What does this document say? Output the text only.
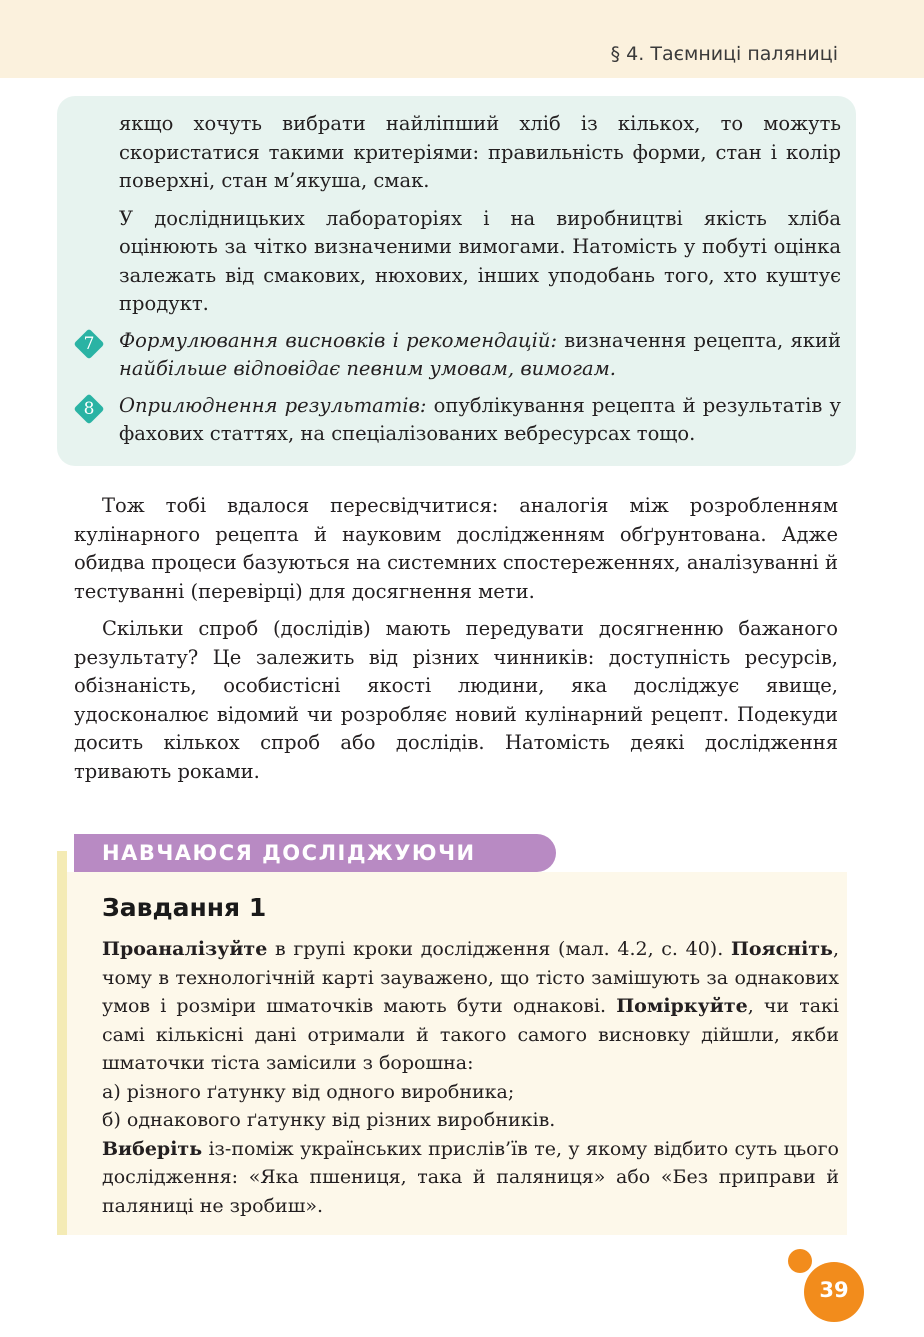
§ 4. Таємниці паляниці

якщо хочуть вибрати найліпший хліб із кількох, то можуть скористатися такими критеріями: правильність форми, стан і колір поверхні, стан м’якуша, смак.

У дослідницьких лабораторіях і на виробництві якість хліба оцінюють за чітко визначеними вимогами. Натомість у побуті оцінка залежать від смакових, нюхових, інших уподобань того, хто куштує продукт.

7	Формулювання висновків і рекомендацій: визначення рецепта, який найбільше відповідає певним умовам, вимогам.

8	Оприлюднення результатів: опублікування рецепта й результатів у фахових статтях, на спеціалізованих вебресурсах тощо.

Тож тобі вдалося пересвідчитися: аналогія між розробленням кулінарного рецепта й науковим дослідженням обґрунтована. Адже обидва процеси базуються на системних спостереженнях, аналізуванні й тестуванні (перевірці) для досягнення мети.

Скільки спроб (дослідів) мають передувати досягненню бажаного результату? Це залежить від різних чинників: доступність ресурсів, обізнаність, особистісні якості людини, яка досліджує явище, удосконалює відомий чи розробляє новий кулінарний рецепт. Подекуди досить кількох спроб або дослідів. Натомість деякі дослідження тривають роками.

НАВЧАЮСЯ ДОСЛІДЖУЮЧИ
Завдання 1

Проаналізуйте в групі кроки дослідження (мал. 4.2, с. 40). Поясніть, чому в технологічній карті зауважено, що тісто замішують за однакових умов і розміри шматочків мають бути однакові. Поміркуйте, чи такі самі кількісні дані отримали й такого самого висновку дійшли, якби шматочки тіста замісили з борошна:

а) різного ґатунку від одного виробника;

б) однакового ґатунку від різних виробників.

Виберіть із-поміж українських прислів’їв те, у якому відбито суть цього дослідження: «Яка пшениця, така й паляниця» або «Без приправи й паляниці не зробиш».

39
